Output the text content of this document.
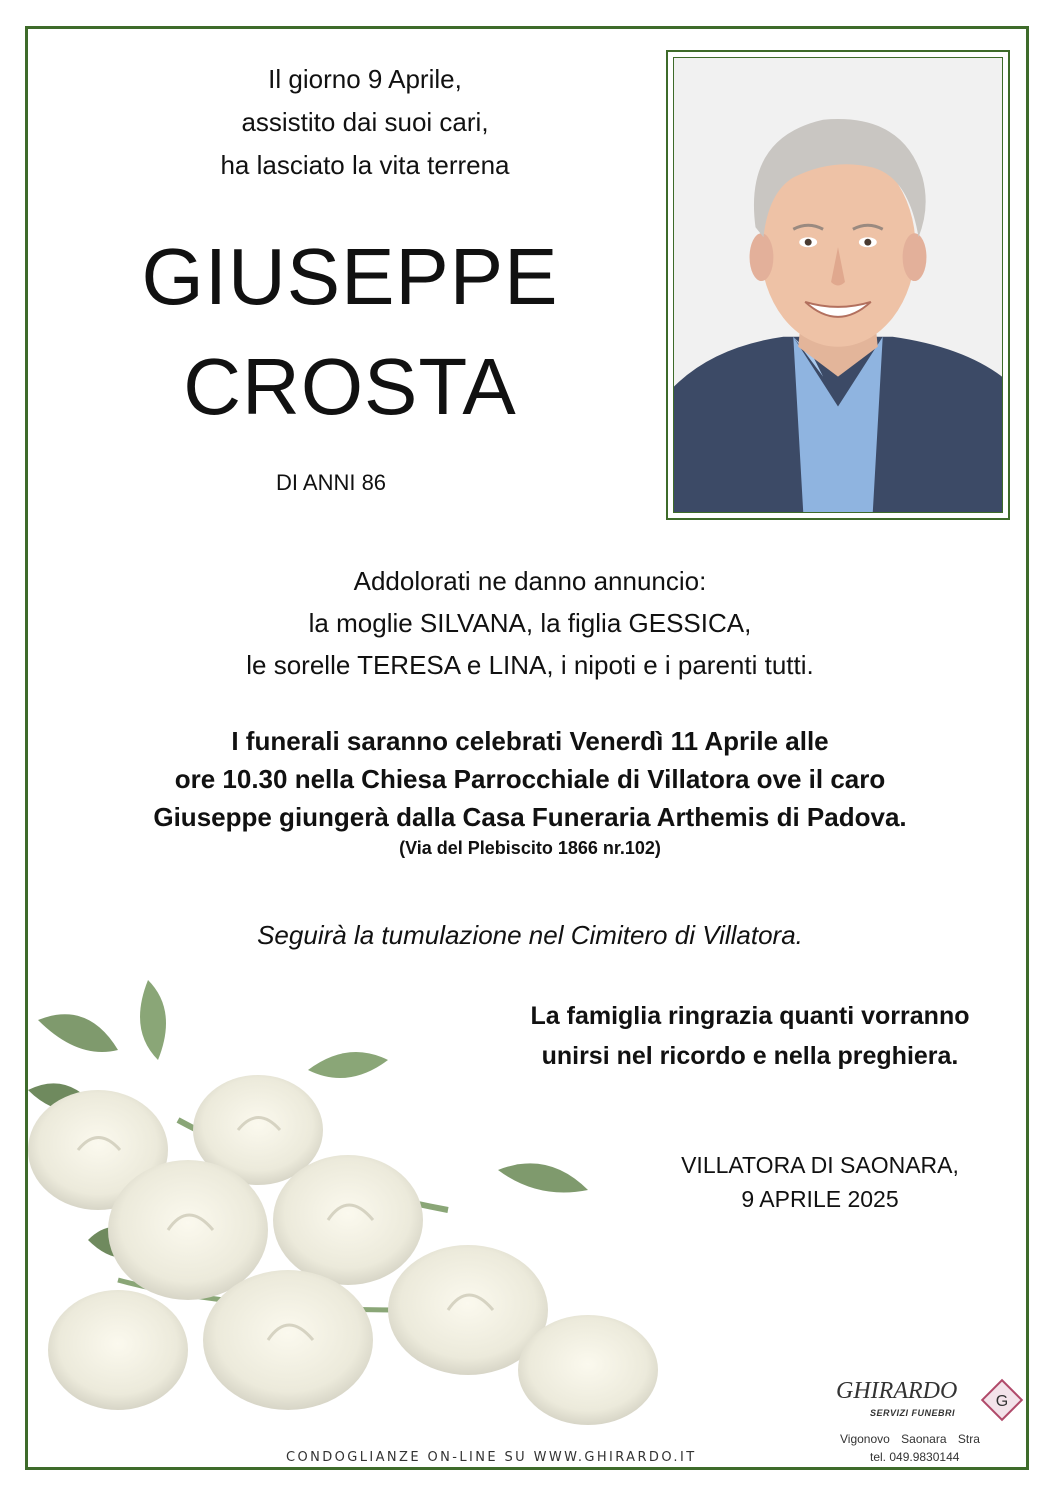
Il giorno 9 Aprile,
assistito dai suoi cari,
ha lasciato la vita terrena
GIUSEPPE
CROSTA
DI ANNI 86
Addolorati ne danno annuncio:
la moglie SILVANA, la figlia GESSICA,
le sorelle TERESA e LINA, i nipoti e i parenti tutti.
I funerali saranno celebrati Venerdì 11 Aprile alle
ore 10.30 nella Chiesa Parrocchiale di Villatora ove il caro
Giuseppe giungerà dalla Casa Funeraria Arthemis di Padova.
(Via del Plebiscito 1866 nr.102)
Seguirà la tumulazione nel Cimitero di Villatora.
La famiglia ringrazia quanti vorranno
unirsi nel ricordo e nella preghiera.
VILLATORA DI SAONARA,
9 APRILE 2025
CONDOGLIANZE ON-LINE SU WWW.GHIRARDO.IT
GHIRARDO
SERVIZI FUNEBRI
G
Vigonovo Saonara Stra
tel. 049.9830144
